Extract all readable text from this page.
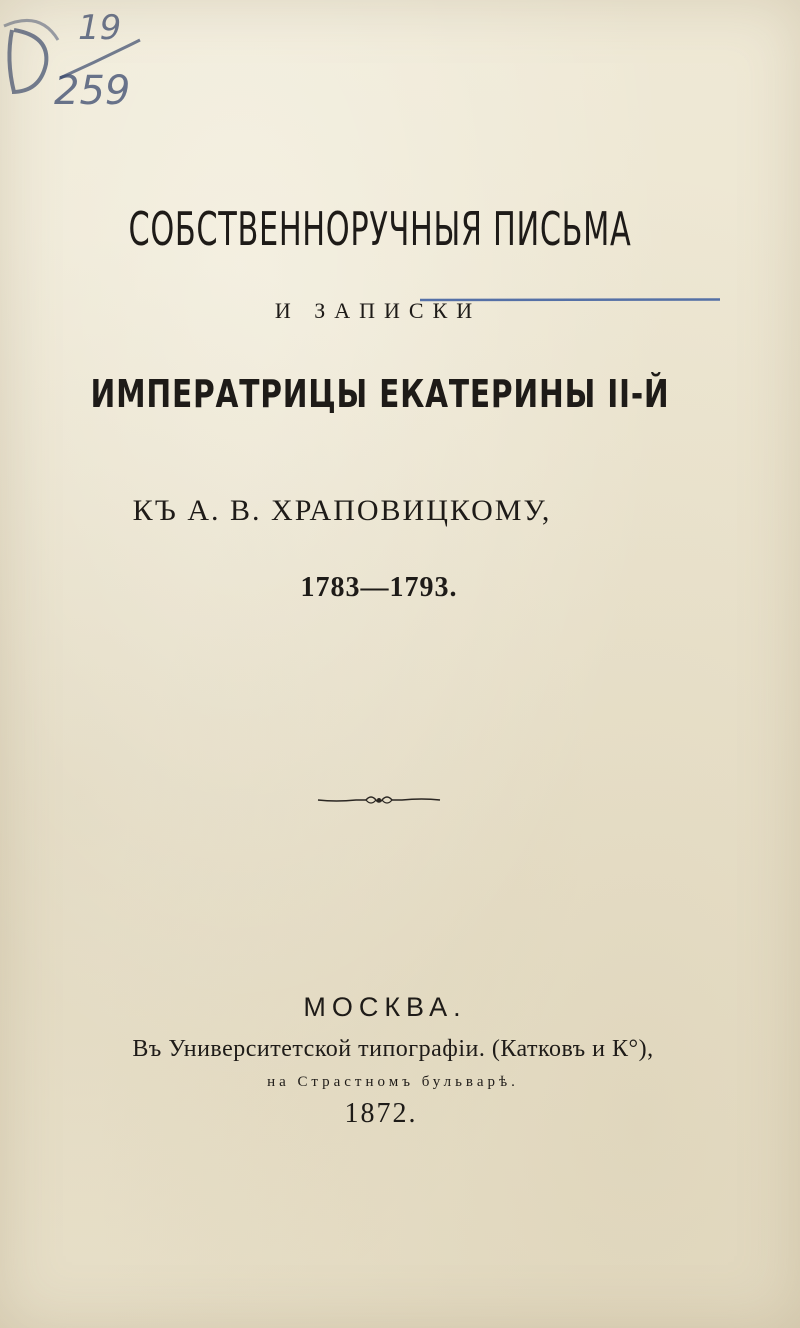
19
259
СОБСТВЕННОРУЧНЫЯ ПИСЬМА
И ЗАПИСКИ
ИМПЕРАТРИЦЫ ЕКАТЕРИНЫ II-Й
КЪ А. В. ХРАПОВИЦКОМУ,
1783—1793.
МОСКВА.
Въ Университетской типографіи. (Катковъ и К°),
на Страстномъ бульварѣ.
1872.
